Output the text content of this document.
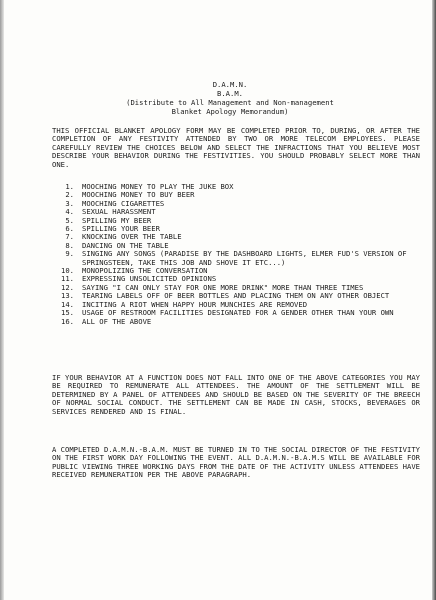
D.A.M.N.
B.A.M.
(Distribute to All Management and Non-management
Blanket Apology Memorandum)
THIS OFFICIAL BLANKET APOLOGY FORM MAY BE COMPLETED PRIOR TO, DURING, OR AFTER THE COMPLETION OF ANY FESTIVITY ATTENDED BY TWO OR MORE TELECOM EMPLOYEES. PLEASE CAREFULLY REVIEW THE CHOICES BELOW AND SELECT THE INFRACTIONS THAT YOU BELIEVE MOST DESCRIBE YOUR BEHAVIOR DURING THE FESTIVITIES. YOU SHOULD PROBABLY SELECT MORE THAN ONE.
1.	MOOCHING MONEY TO PLAY THE JUKE BOX
2.	MOOCHING MONEY TO BUY BEER
3.	MOOCHING CIGARETTES
4.	SEXUAL HARASSMENT
5.	SPILLING MY BEER
6.	SPILLING YOUR BEER
7.	KNOCKING OVER THE TABLE
8.	DANCING ON THE TABLE
9.	SINGING ANY SONGS (PARADISE BY THE DASHBOARD LIGHTS, ELMER FUD'S VERSION OF SPRINGSTEEN, TAKE THIS JOB AND SHOVE IT ETC...)
10.	MONOPOLIZING THE CONVERSATION
11.	EXPRESSING UNSOLICITED OPINIONS
12.	SAYING "I CAN ONLY STAY FOR ONE MORE DRINK" MORE THAN THREE TIMES
13.	TEARING LABELS OFF OF BEER BOTTLES AND PLACING THEM ON ANY OTHER OBJECT
14.	INCITING A RIOT WHEN HAPPY HOUR MUNCHIES ARE REMOVED
15.	USAGE OF RESTROOM FACILITIES DESIGNATED FOR A GENDER OTHER THAN YOUR OWN
16.	ALL OF THE ABOVE
IF YOUR BEHAVIOR AT A FUNCTION DOES NOT FALL INTO ONE OF THE ABOVE CATEGORIES YOU MAY BE REQUIRED TO REMUNERATE ALL ATTENDEES. THE AMOUNT OF THE SETTLEMENT WILL BE DETERMINED BY A PANEL OF ATTENDEES AND SHOULD BE BASED ON THE SEVERITY OF THE BREECH OF NORMAL SOCIAL CONDUCT. THE SETTLEMENT CAN BE MADE IN CASH, STOCKS, BEVERAGES OR SERVICES RENDERED AND IS FINAL.
A COMPLETED D.A.M.N.-B.A.M. MUST BE TURNED IN TO THE SOCIAL DIRECTOR OF THE FESTIVITY ON THE FIRST WORK DAY FOLLOWING THE EVENT. ALL D.A.M.N.-B.A.M.S WILL BE AVAILABLE FOR PUBLIC VIEWING THREE WORKING DAYS FROM THE DATE OF THE ACTIVITY UNLESS ATTENDEES HAVE RECEIVED REMUNERATION PER THE ABOVE PARAGRAPH.
